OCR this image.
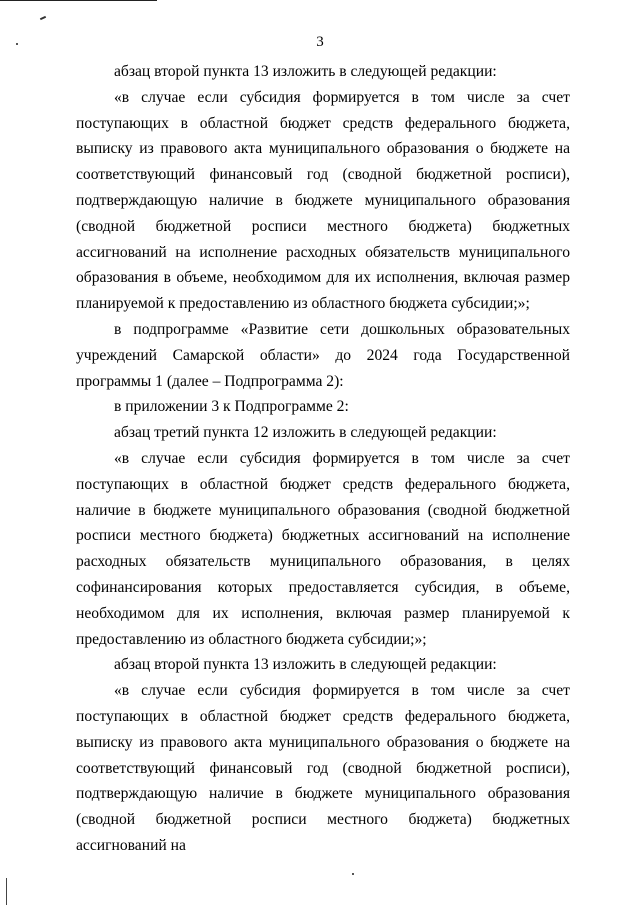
3

абзац второй пункта 13 изложить в следующей редакции:

«в случае если субсидия формируется в том числе за счет поступающих в областной бюджет средств федерального бюджета, выписку из правового акта муниципального образования о бюджете на соответствующий финансовый год (сводной бюджетной росписи), подтверждающую наличие в бюджете муниципального образования (сводной бюджетной росписи местного бюджета) бюджетных ассигнований на исполнение расходных обязательств муниципального образования в объеме, необходимом для их исполнения, включая размер планируемой к предоставлению из областного бюджета субсидии;»;

в подпрограмме «Развитие сети дошкольных образовательных учреждений Самарской области» до 2024 года Государственной программы 1 (далее – Подпрограмма 2):

в приложении 3 к Подпрограмме 2:

абзац третий пункта 12 изложить в следующей редакции:

«в случае если субсидия формируется в том числе за счет поступающих в областной бюджет средств федерального бюджета, наличие в бюджете муниципального образования (сводной бюджетной росписи местного бюджета) бюджетных ассигнований на исполнение расходных обязательств муниципального образования, в целях софинансирования которых предоставляется субсидия, в объеме, необходимом для их исполнения, включая размер планируемой к предоставлению из областного бюджета субсидии;»;

абзац второй пункта 13 изложить в следующей редакции:

«в случае если субсидия формируется в том числе за счет поступающих в областной бюджет средств федерального бюджета, выписку из правового акта муниципального образования о бюджете на соответствующий финансовый год (сводной бюджетной росписи), подтверждающую наличие в бюджете муниципального образования (сводной бюджетной росписи местного бюджета) бюджетных ассигнований на
